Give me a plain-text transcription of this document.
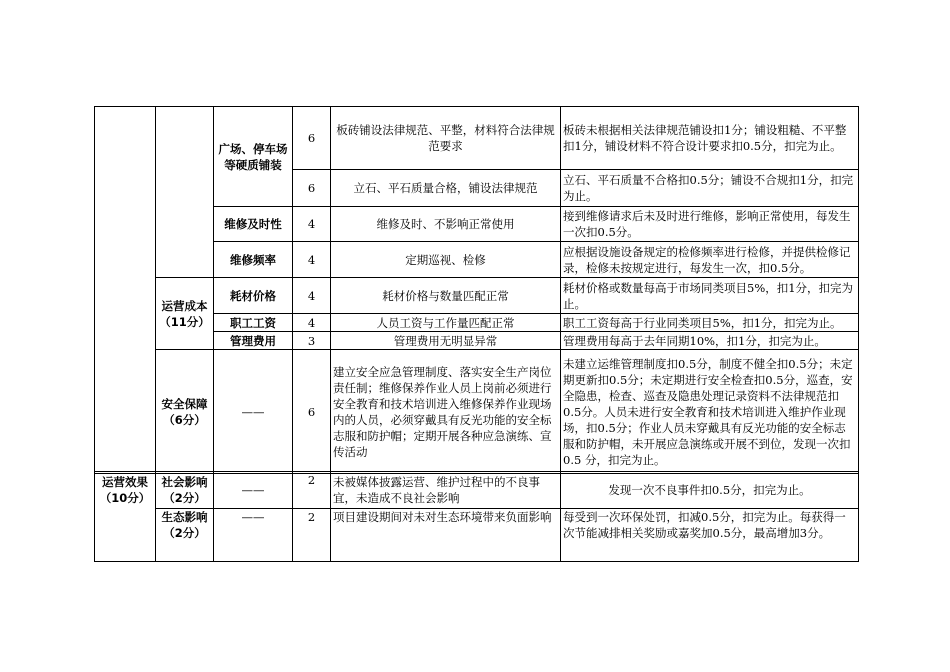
		广场、停车场等硬质铺装	6	板砖铺设法律规范、平整，材料符合法律规范要求	板砖未根据相关法律规范铺设扣1分；铺设粗糙、不平整扣1分，铺设材料不符合设计要求扣0.5分，扣完为止。
			6	立石、平石质量合格，铺设法律规范	立石、平石质量不合格扣0.5分；铺设不合规扣1分，扣完为止。
		维修及时性	4	维修及时、不影响正常使用	接到维修请求后未及时进行维修，影响正常使用，每发生一次扣0.5分。
		维修频率	4	定期巡视、检修	应根据设施设备规定的检修频率进行检修，并提供检修记录，检修未按规定进行，每发生一次，扣0.5分。
	运营成本（11分）	耗材价格	4	耗材价格与数量匹配正常	耗材价格或数量每高于市场同类项目5%，扣1分，扣完为止。
		职工工资	4	人员工资与工作量匹配正常	职工工资每高于行业同类项目5%，扣1分，扣完为止。
		管理费用	3	管理费用无明显异常	管理费用每高于去年同期10%，扣1分，扣完为止。
	安全保障（6分）	——	6	建立安全应急管理制度、落实安全生产岗位责任制；维修保养作业人员上岗前必须进行安全教育和技术培训进入维修保养作业现场内的人员，必须穿戴具有反光功能的安全标志服和防护帽；定期开展各种应急演练、宣传活动	未建立运维管理制度扣0.5分，制度不健全扣0.5分；未定期更新扣0.5分；未定期进行安全检查扣0.5分，巡查，安全隐患，检查、巡查及隐患处理记录资料不法律规范扣0.5分。人员未进行安全教育和技术培训进入维护作业现场，扣0.5分；作业人员未穿戴具有反光功能的安全标志服和防护帽，未开展应急演练或开展不到位，发现一次扣0.5 分，扣完为止。
运营效果（10分）	社会影响（2分）	——	2	未被媒体披露运营、维护过程中的不良事宜，未造成不良社会影响	发现一次不良事件扣0.5分，扣完为止。
	生态影响（2分）	——	2	项目建设期间对未对生态环境带来负面影响	每受到一次环保处罚，扣减0.5分，扣完为止。每获得一次节能减排相关奖励或嘉奖加0.5分，最高增加3分。
